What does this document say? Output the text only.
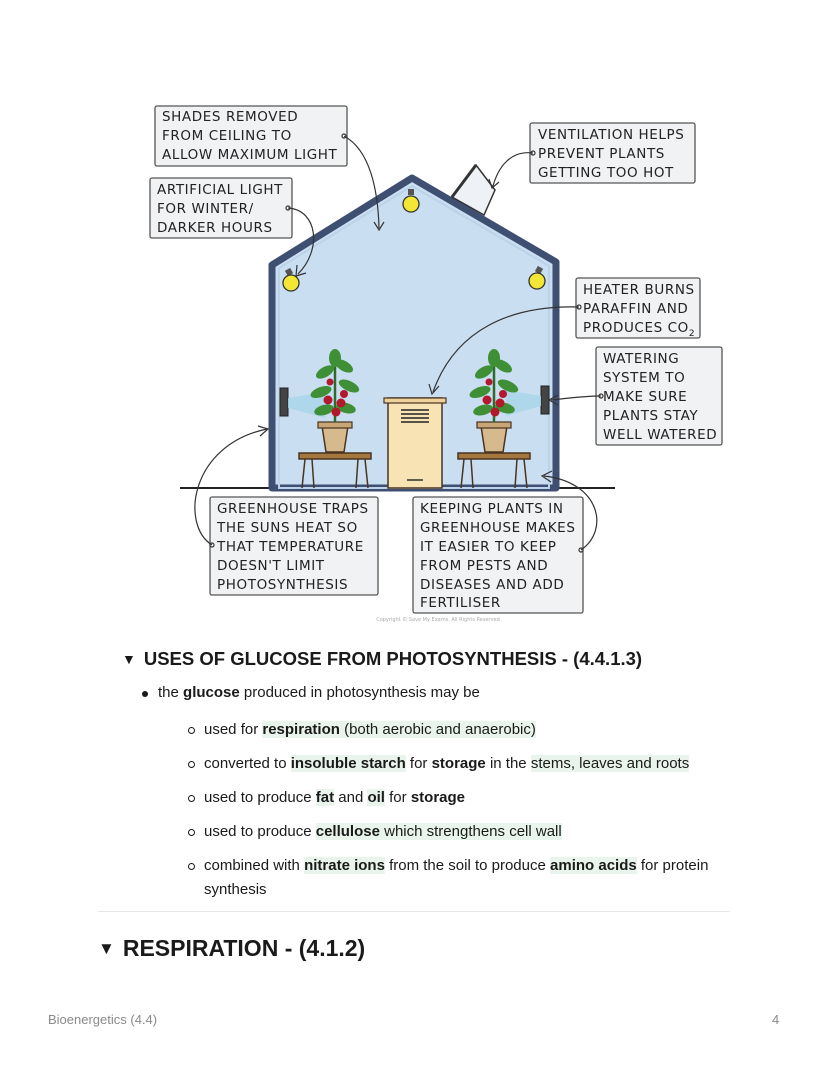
SHADES REMOVED
FROM CEILING TO
ALLOW MAXIMUM LIGHT
VENTILATION HELPS
PREVENT PLANTS
GETTING TOO HOT
ARTIFICIAL LIGHT
FOR WINTER/
DARKER HOURS
HEATER BURNS
PARAFFIN AND
PRODUCES $CO_2$
WATERING
SYSTEM TO
MAKE SURE
PLANTS STAY
WELL WATERED
GREENHOUSE TRAPS
THE SUNS HEAT SO
THAT TEMPERATURE
DOESN'T LIMIT
PHOTOSYNTHESIS
KEEPING PLANTS IN
GREENHOUSE MAKES
IT EASIER TO KEEP
FROM PESTS AND
DISEASES AND ADD
FERTILISER
Copyright © Save My Exams. All Rights Reserved
▼ USES OF GLUCOSE FROM PHOTOSYNTHESIS - (4.4.1.3)

the glucose produced in photosynthesis may be

used for respiration (both aerobic and anaerobic)
converted to insoluble starch for storage in the stems, leaves and roots
used to produce fat and oil for storage
used to produce cellulose which strengthens cell wall
combined with nitrate ions from the soil to produce amino acids for protein synthesis
▼ RESPIRATION - (4.1.2)
Bioenergetics (4.4)	4
